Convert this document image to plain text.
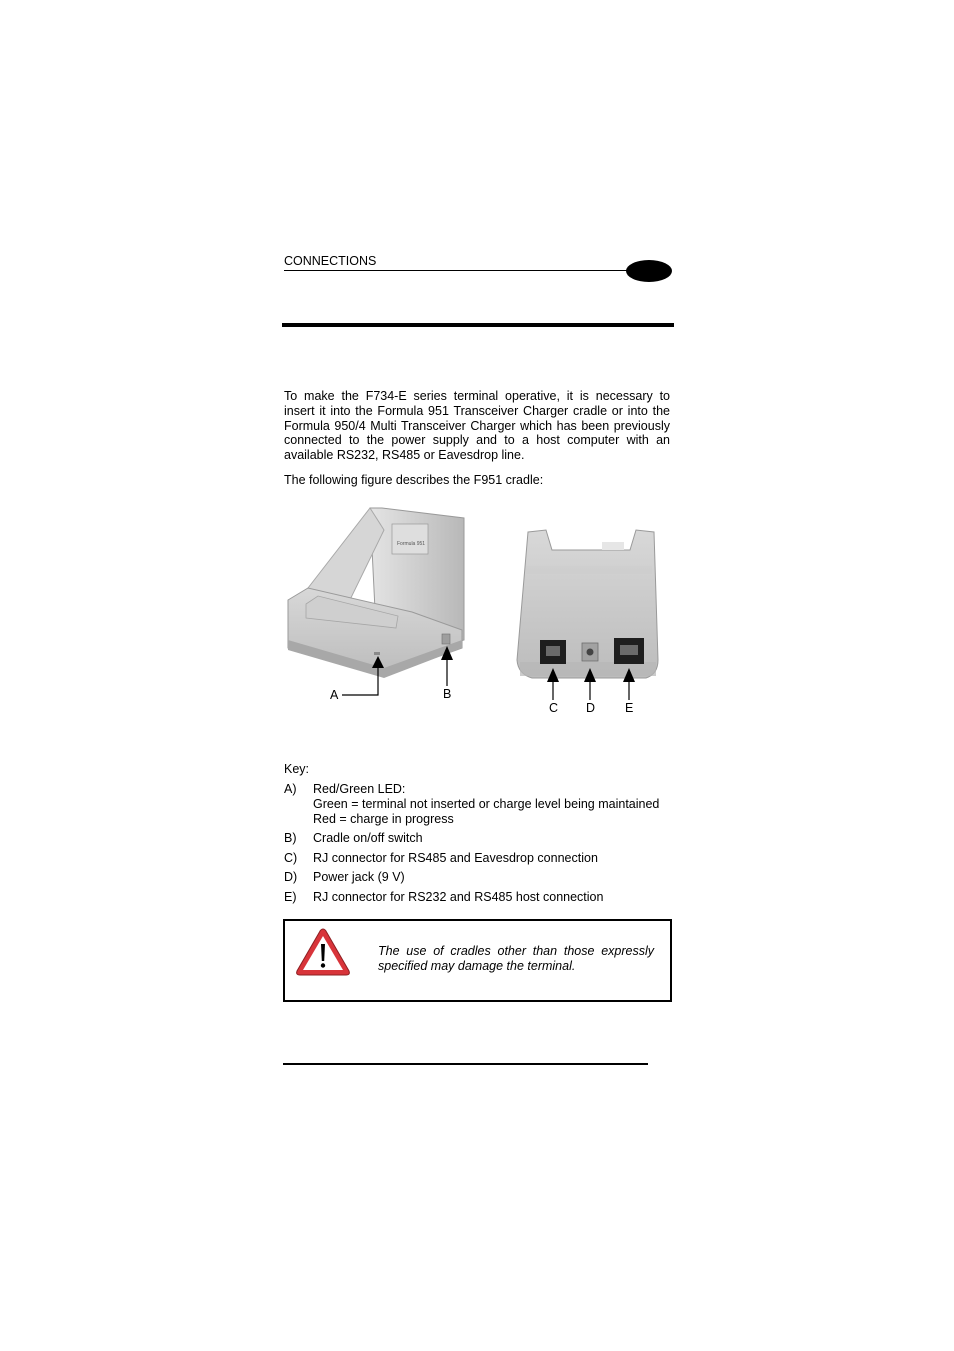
CONNECTIONS
To make the F734-E series terminal operative, it is necessary to insert it into the Formula 951 Transceiver Charger cradle or into the Formula 950/4 Multi Transceiver Charger which has been previously connected to the power supply and to a host computer with an available RS232, RS485 or Eavesdrop line.
The following figure describes the F951 cradle:
Formula 951
A	B
C D E
Key:
A)	Red/Green LED:
Green = terminal not inserted or charge level being maintained
Red = charge in progress
B)	Cradle on/off switch
C)	RJ connector for RS485 and Eavesdrop connection
D)	Power jack (9 V)
E)	RJ connector for RS232 and RS485 host connection
The use of cradles other than those expressly specified may damage the terminal.
